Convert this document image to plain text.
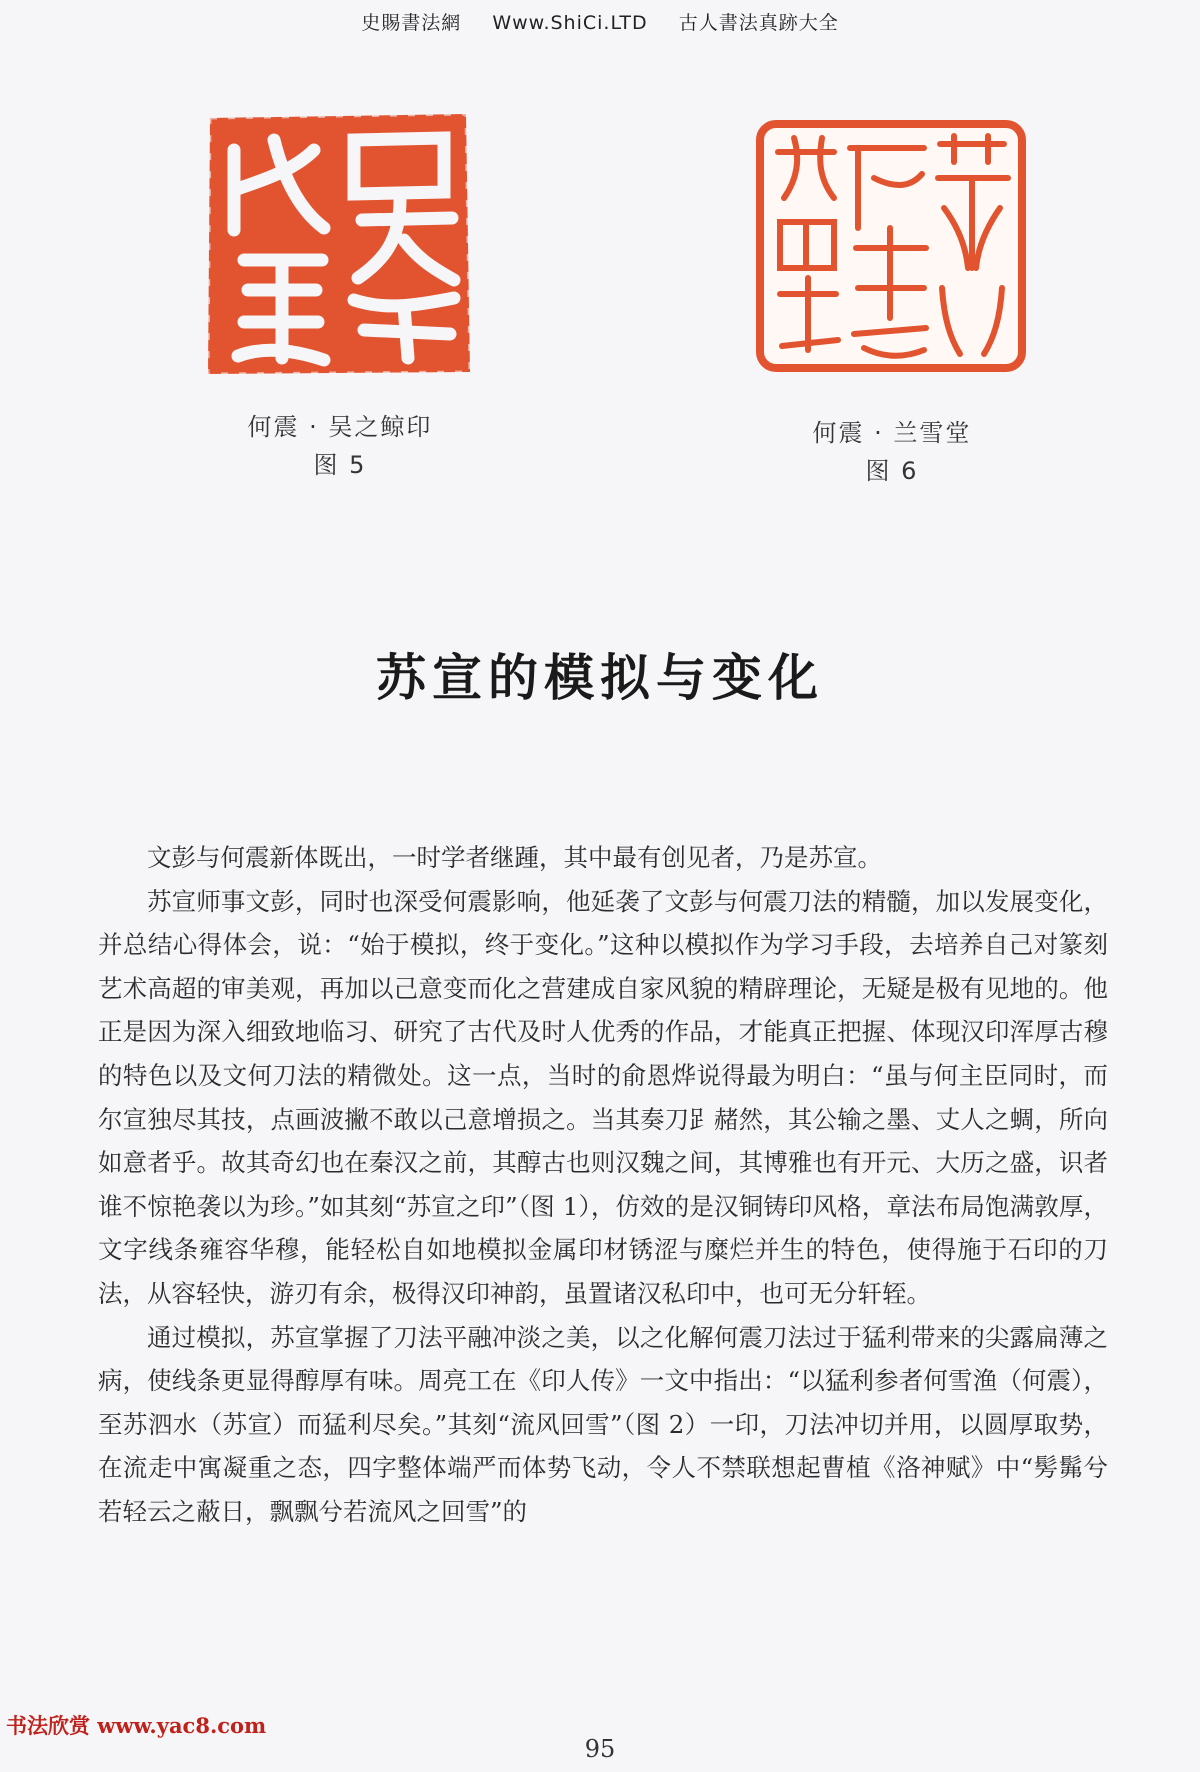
史賜書法網 Www.ShiCi.LTD 古人書法真跡大全
何震 · 吴之鲸印
图 5
何震 · 兰雪堂
图 6
苏宣的模拟与变化

文彭与何震新体既出，一时学者继踵，其中最有创见者，乃是苏宣。

苏宣师事文彭，同时也深受何震影响，他延袭了文彭与何震刀法的精髓，加以发展变化，并总结心得体会，说：“始于模拟，终于变化。”这种以模拟作为学习手段，去培养自己对篆刻艺术高超的审美观，再加以己意变而化之营建成自家风貌的精辟理论，无疑是极有见地的。他正是因为深入细致地临习、研究了古代及时人优秀的作品，才能真正把握、体现汉印浑厚古穆的特色以及文何刀法的精微处。这一点，当时的俞恩烨说得最为明白：“虽与何主臣同时，而尔宣独尽其技，点画波撇不敢以己意增损之。当其奏刀𧾷赭然，其公输之墨、丈人之蜩，所向如意者乎。故其奇幻也在秦汉之前，其醇古也则汉魏之间，其博雅也有开元、大历之盛，识者谁不惊艳袭以为珍。”如其刻“苏宣之印”（图 1），仿效的是汉铜铸印风格，章法布局饱满敦厚，文字线条雍容华穆，能轻松自如地模拟金属印材锈涩与糜烂并生的特色，使得施于石印的刀法，从容轻快，游刃有余，极得汉印神韵，虽置诸汉私印中，也可无分轩轾。

通过模拟，苏宣掌握了刀法平融冲淡之美，以之化解何震刀法过于猛利带来的尖露扁薄之病，使线条更显得醇厚有味。周亮工在《印人传》一文中指出：“以猛利参者何雪渔（何震），至苏泗水（苏宣）而猛利尽矣。”其刻“流风回雪”（图 2）一印，刀法冲切并用，以圆厚取势，在流走中寓凝重之态，四字整体端严而体势飞动，令人不禁联想起曹植《洛神赋》中“髣髴兮若轻云之蔽日，飘飘兮若流风之回雪”的

书法欣赏 www.yac8.com
95
